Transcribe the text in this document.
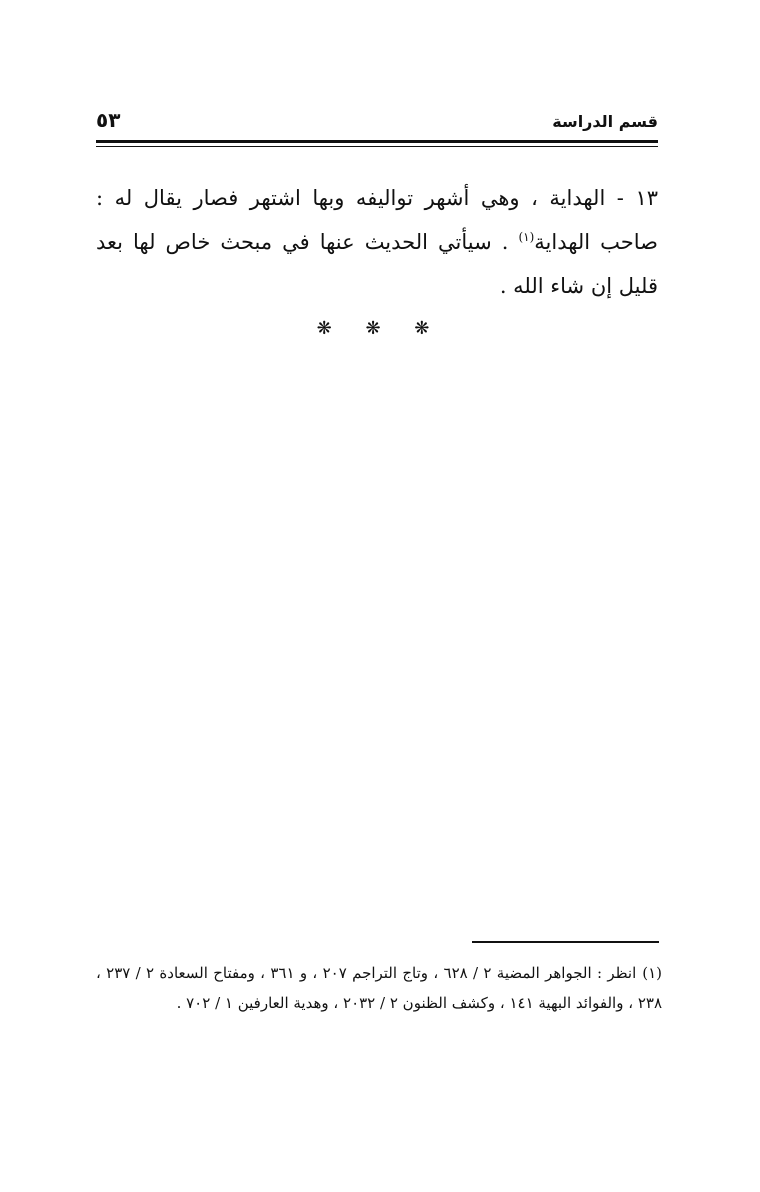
قسم الدراسة
٥٣

١٣ - الهداية ، وهي أشهر تواليفه وبها اشتهر فصار يقال له : صاحب الهداية$^{(١)}$ . سيأتي الحديث عنها في مبحث خاص لها بعد قليل إن شاء الله .

❋ ❋ ❋

(١)انظر : الجواهر المضية ٢ / ٦٢٨ ، وتاج التراجم ٢٠٧ ، و ٣٦١ ، ومفتاح السعادة ٢ / ٢٣٧ ، ٢٣٨ ، والفوائد البهية ١٤١ ، وكشف الظنون ٢ / ٢٠٣٢ ، وهدية العارفين ١ / ٧٠٢ .
